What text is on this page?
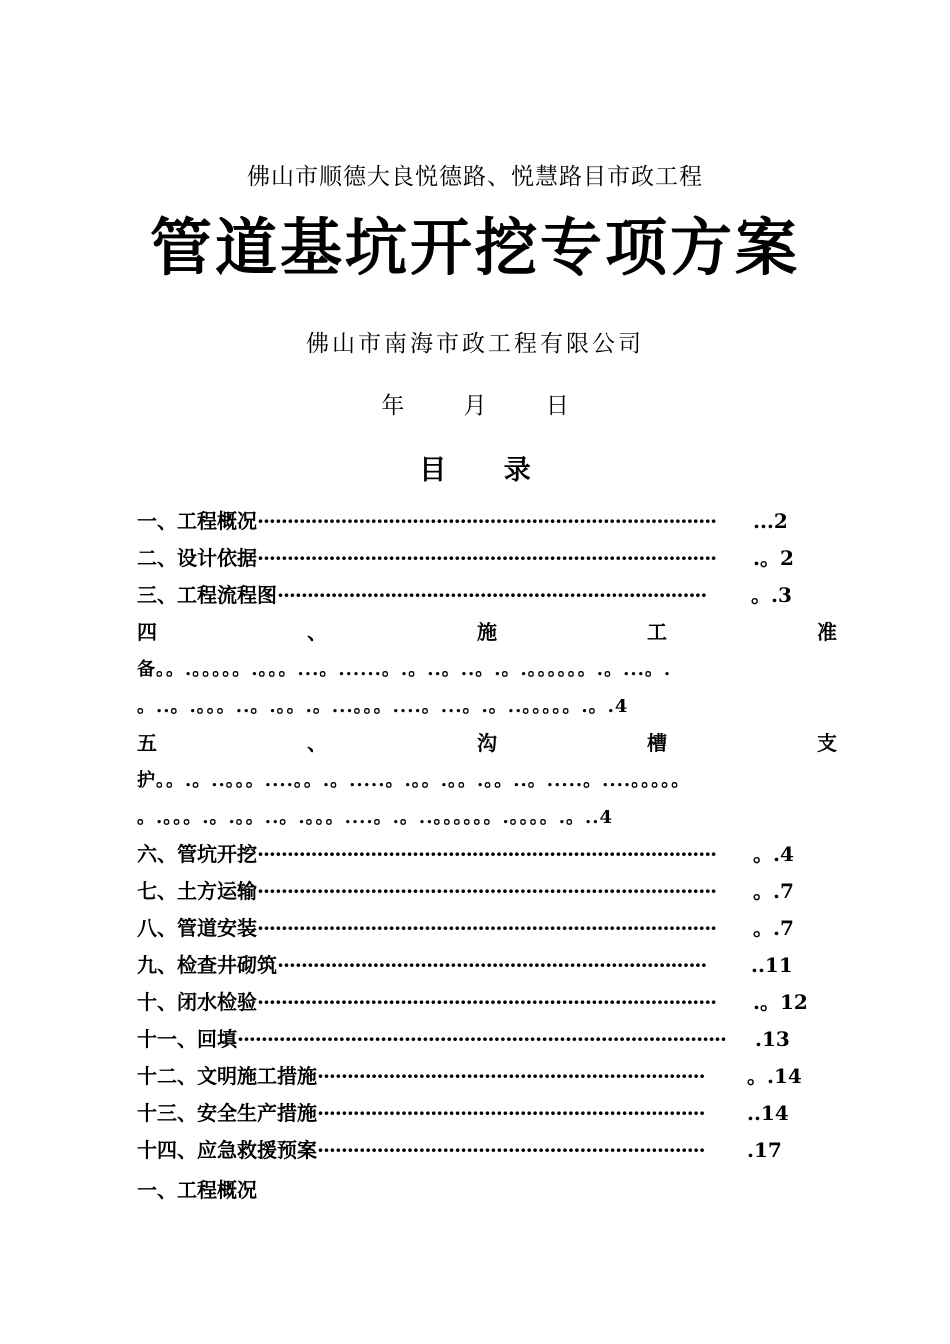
佛山市顺德大良悦德路、悦慧路目市政工程
管道基坑开挖专项方案
佛山市南海市政工程有限公司
年	月	日
目 录
一、工程概况 ·············································································	...2
二、设计依据 ·············································································	.。2
三、工程流程图 ········································································	。.3
四	、	施	工	准
备。。.。。。。。.。。。...。......。.。..。..。.。.。。。。。。.。...。.
。..。.。。。..。.。。.。...。。。....。...。.。..。。。。。.。.4
五	、	沟	槽	支
护。。.。..。。。....。。.。.....。.。。.。。.。。..。.....。....。。。。。
。.。。。.。.。。..。.。。。....。.。..。。。。。。.。。。。.。..4
六、管坑开挖 ·············································································	。.4
七、土方运输 ·············································································	。.7
八、管道安装 ·············································································	。.7
九、检查井砌筑 ········································································	..11
十、闭水检验 ·············································································	.。12
十一、回填 ··················································································	.13
十二、文明施工措施 ·································································	。.14
十三、安全生产措施 ·································································	..14
十四、应急救援预案 ·································································	.17
一、工程概况
